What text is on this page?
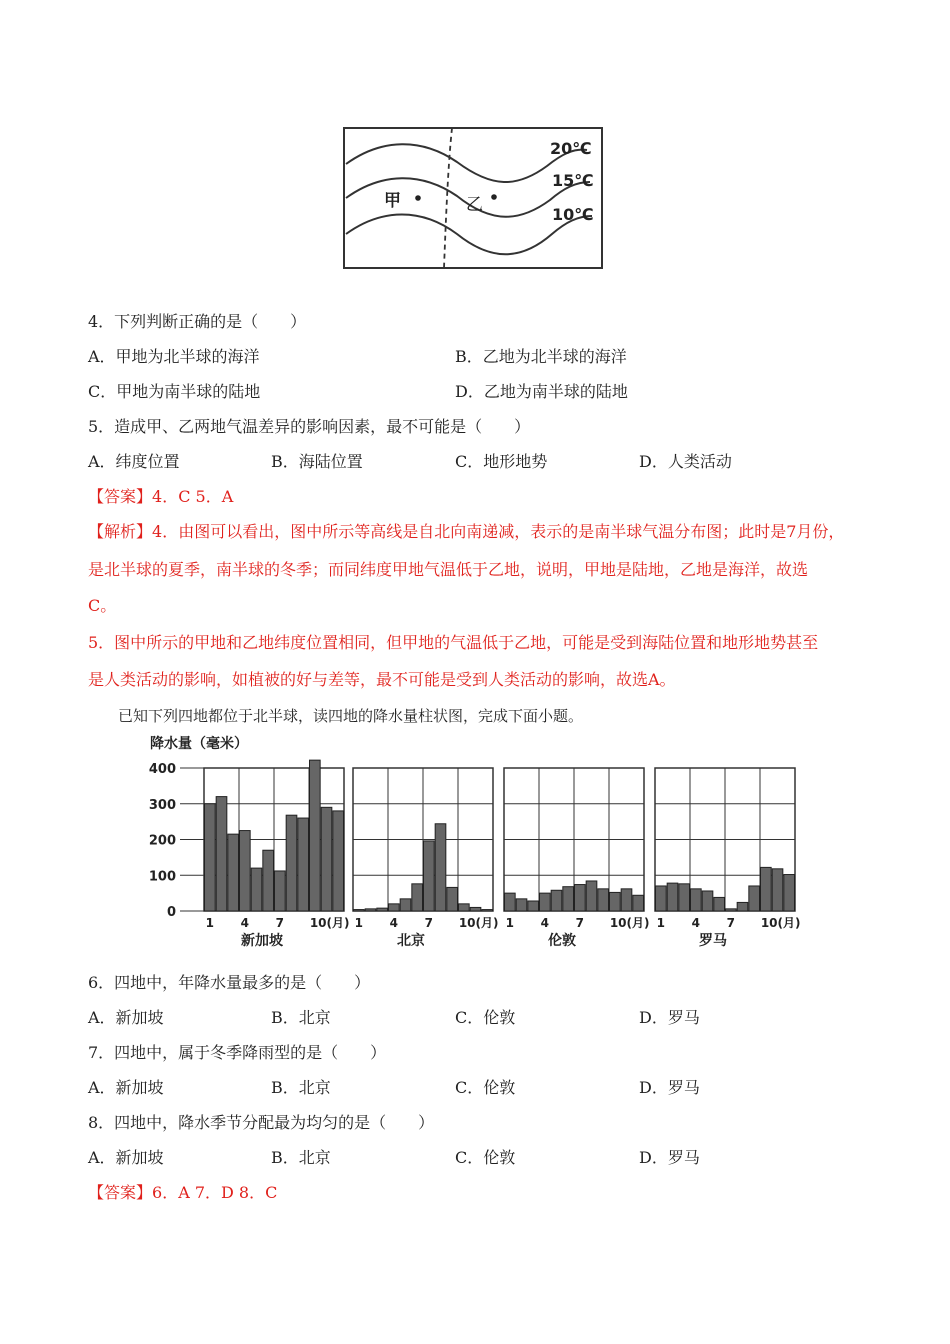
甲	乙
20℃
15℃
10℃
4．下列判断正确的是（　　）
A．甲地为北半球的海洋	B．乙地为北半球的海洋
C．甲地为南半球的陆地	D．乙地为南半球的陆地
5．造成甲、乙两地气温差异的影响因素，最不可能是（　　）
A．纬度位置	B．海陆位置	C．地形地势	D．人类活动
【答案】4．C 5．A
【解析】4．由图可以看出，图中所示等高线是自北向南递减，表示的是南半球气温分布图；此时是7月份，
是北半球的夏季，南半球的冬季；而同纬度甲地气温低于乙地，说明，甲地是陆地，乙地是海洋，故选
C。
5．图中所示的甲地和乙地纬度位置相同，但甲地的气温低于乙地，可能是受到海陆位置和地形地势甚至
是人类活动的影响，如植被的好与差等，最不可能是受到人类活动的影响，故选A。
已知下列四地都位于北半球，读四地的降水量柱状图，完成下面小题。
降水量（毫米）
400
300
200
100
0
1 4 7 10(月)
新加坡
1 4 7 10(月)
北京
1 4 7 10(月)
伦敦
1 4 7 10(月)
罗马
6．四地中，年降水量最多的是（　　）
A．新加坡	B．北京	C．伦敦	D．罗马
7．四地中，属于冬季降雨型的是（　　）
A．新加坡	B．北京	C．伦敦	D．罗马
8．四地中，降水季节分配最为均匀的是（　　）
A．新加坡	B．北京	C．伦敦	D．罗马
【答案】6．A 7．D 8．C
